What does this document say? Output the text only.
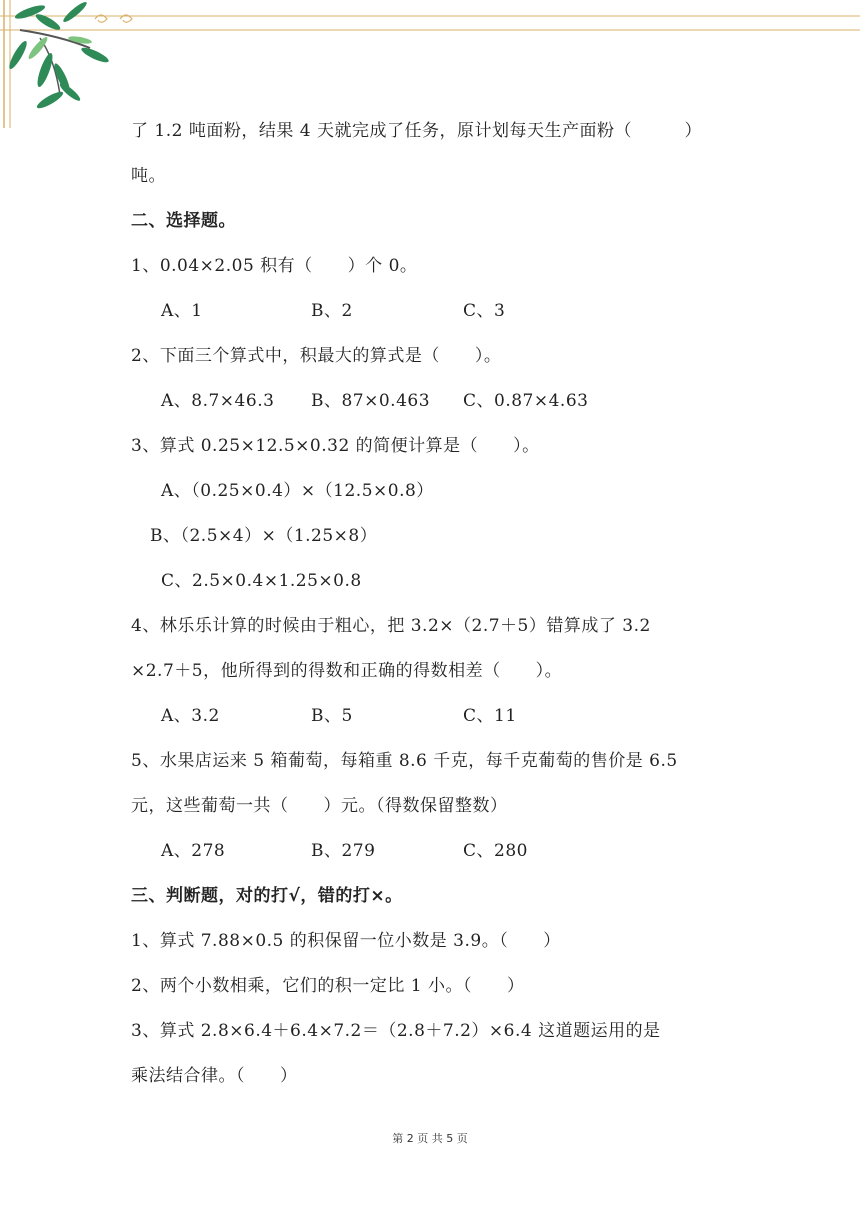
了 1.2 吨面粉，结果 4 天就完成了任务，原计划每天生产面粉（　　　）
吨。
二、选择题。
1、0.04×2.05 积有（　　）个 0。
A、1	B、2	C、3
2、下面三个算式中，积最大的算式是（　　）。
A、8.7×46.3 B、87×0.463 C、0.87×4.63
3、算式 0.25×12.5×0.32 的简便计算是（　　）。
A、（0.25×0.4）×（12.5×0.8）
B、（2.5×4）×（1.25×8）
C、2.5×0.4×1.25×0.8
4、林乐乐计算的时候由于粗心，把 3.2×（2.7＋5）错算成了 3.2
×2.7＋5，他所得到的得数和正确的得数相差（　　）。
A、3.2	B、5	C、11
5、水果店运来 5 箱葡萄，每箱重 8.6 千克，每千克葡萄的售价是 6.5
元，这些葡萄一共（　　）元。（得数保留整数）
A、278	B、279	C、280
三、判断题，对的打√，错的打×。
1、算式 7.88×0.5 的积保留一位小数是 3.9。（　　）
2、两个小数相乘，它们的积一定比 1 小。（　　）
3、算式 2.8×6.4＋6.4×7.2＝（2.8＋7.2）×6.4 这道题运用的是
乘法结合律。（　　）
第 2 页 共 5 页
